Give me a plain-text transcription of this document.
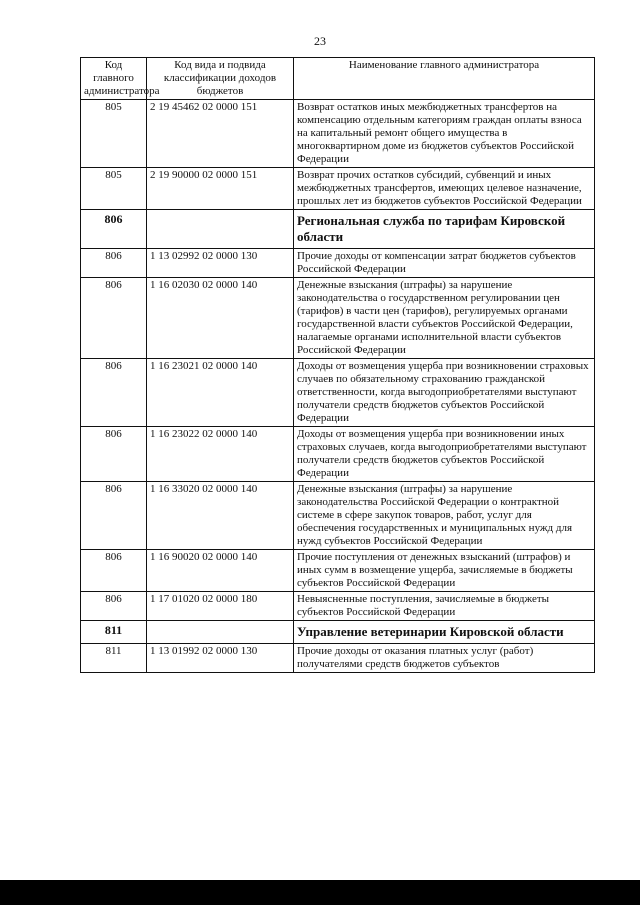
23
Код главного администратора	Код вида и подвида классификации доходов бюджетов	Наименование главного администратора
805	2 19 45462 02 0000 151	Возврат остатков иных межбюджетных трансфертов на компенсацию отдельным категориям граждан оплаты взноса на капитальный ремонт общего имущества в многоквартирном доме из бюджетов субъектов Российской Федерации
805	2 19 90000 02 0000 151	Возврат прочих остатков субсидий, субвенций и иных межбюджетных трансфертов, имеющих целевое назначение, прошлых лет из бюджетов субъектов Российской Федерации
806		Региональная служба по тарифам Кировской области
806	1 13 02992 02 0000 130	Прочие доходы от компенсации затрат бюджетов субъектов Российской Федерации
806	1 16 02030 02 0000 140	Денежные взыскания (штрафы) за нарушение законодательства о государственном регулировании цен (тарифов) в части цен (тарифов), регулируемых органами государственной власти субъектов Российской Федерации, налагаемые органами исполнительной власти субъектов Российской Федерации
806	1 16 23021 02 0000 140	Доходы от возмещения ущерба при возникновении страховых случаев по обязательному страхованию гражданской ответственности, когда выгодоприобретателями выступают получатели средств бюджетов субъектов Российской Федерации
806	1 16 23022 02 0000 140	Доходы от возмещения ущерба при возникновении иных страховых случаев, когда выгодоприобретателями выступают получатели средств бюджетов субъектов Российской Федерации
806	1 16 33020 02 0000 140	Денежные взыскания (штрафы) за нарушение законодательства Российской Федерации о контрактной системе в сфере закупок товаров, работ, услуг для обеспечения государственных и муниципальных нужд для нужд субъектов Российской Федерации
806	1 16 90020 02 0000 140	Прочие поступления от денежных взысканий (штрафов) и иных сумм в возмещение ущерба, зачисляемые в бюджеты субъектов Российской Федерации
806	1 17 01020 02 0000 180	Невыясненные поступления, зачисляемые в бюджеты субъектов Российской Федерации
811		Управление ветеринарии Кировской области
811	1 13 01992 02 0000 130	Прочие доходы от оказания платных услуг (работ) получателями средств бюджетов субъектов
